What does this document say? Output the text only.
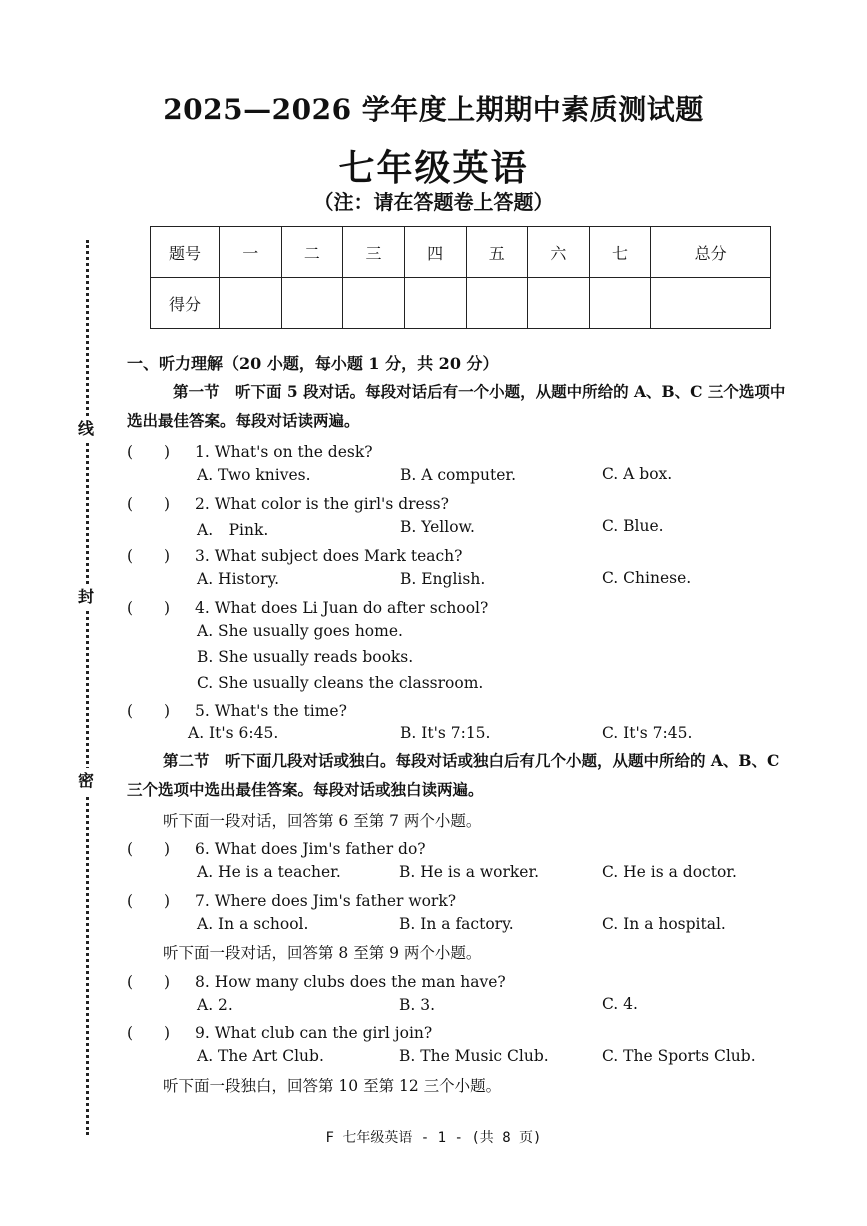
2025—2026 学年度上期期中素质测试题
七年级英语
（注：请在答题卷上答题）
题号	一	二	三	四	五	六	七	总分
得分								
线
封
密
一、听力理解（20 小题，每小题 1 分，共 20 分）
第一节　听下面 5 段对话。每段对话后有一个小题，从题中所给的 A、B、C 三个选项中选出最佳答案。每段对话读两遍。
(　　) 1. What's on the desk?
A. Two knives.	B. A computer.	C. A box.
(　　) 2. What color is the girl's dress?
A.　Pink.	B. Yellow.	C. Blue.
(　　) 3. What subject does Mark teach?
A. History.	B. English.	C. Chinese.
(　　) 4. What does Li Juan do after school?
A. She usually goes home.
B. She usually reads books.
C. She usually cleans the classroom.
(　　) 5. What's the time?
A. It's 6:45.	B. It's 7:15.	C. It's 7:45.
第二节　听下面几段对话或独白。每段对话或独白后有几个小题，从题中所给的 A、B、C 三个选项中选出最佳答案。每段对话或独白读两遍。
听下面一段对话，回答第 6 至第 7 两个小题。
(　　) 6. What does Jim's father do?
A. He is a teacher.	B. He is a worker.	C. He is a doctor.
(　　) 7. Where does Jim's father work?
A. In a school.	B. In a factory.	C. In a hospital.
听下面一段对话，回答第 8 至第 9 两个小题。
(　　) 8. How many clubs does the man have?
A. 2.	B. 3.	C. 4.
(　　) 9. What club can the girl join?
A. The Art Club.	B. The Music Club.	C. The Sports Club.
听下面一段独白，回答第 10 至第 12 三个小题。
F 七年级英语 - 1 - (共 8 页)
